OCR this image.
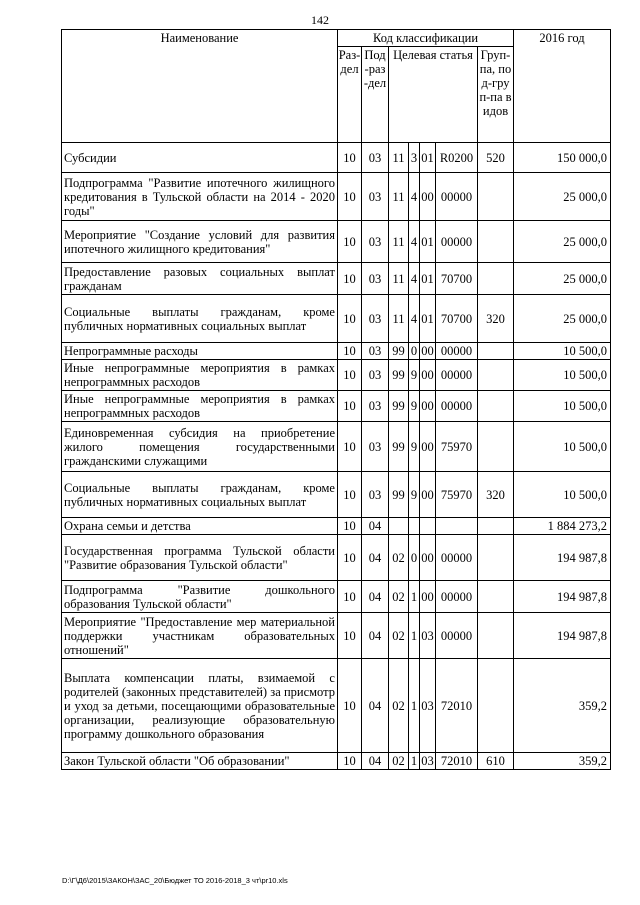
142
Наименование	Код классификации							2016 год
	Раз-дел	Под-раз-дел	Целевая статья				Груп-па, под-груп-па видов	
Субсидии	10	03	11	3	01	R0200	520	150 000,0
Подпрограмма "Развитие ипотечного жилищного кредитования в Тульской области на 2014 - 2020 годы"	10	03	11	4	00	00000		25 000,0
Мероприятие "Создание условий для развития ипотечного жилищного кредитования"	10	03	11	4	01	00000		25 000,0
Предоставление разовых социальных выплат гражданам	10	03	11	4	01	70700		25 000,0
Социальные выплаты гражданам, кроме публичных нормативных социальных выплат	10	03	11	4	01	70700	320	25 000,0
Непрограммные расходы	10	03	99	0	00	00000		10 500,0
Иные непрограммные мероприятия в рамках непрограммных расходов	10	03	99	9	00	00000		10 500,0
Иные непрограммные мероприятия в рамках непрограммных расходов	10	03	99	9	00	00000		10 500,0
Единовременная субсидия на приобретение жилого помещения государственными гражданскими служащими	10	03	99	9	00	75970		10 500,0
Социальные выплаты гражданам, кроме публичных нормативных социальных выплат	10	03	99	9	00	75970	320	10 500,0
Охрана семьи и детства	10	04						1 884 273,2
Государственная программа Тульской области "Развитие образования Тульской области"	10	04	02	0	00	00000		194 987,8
Подпрограмма "Развитие дошкольного образования Тульской области"	10	04	02	1	00	00000		194 987,8
Мероприятие "Предоставление мер материальной поддержки участникам образовательных отношений"	10	04	02	1	03	00000		194 987,8
Выплата компенсации платы, взимаемой с родителей (законных представителей) за присмотр и уход за детьми, посещающими образовательные организации, реализующие образовательную программу дошкольного образования	10	04	02	1	03	72010		359,2
Закон Тульской области "Об образовании"	10	04	02	1	03	72010	610	359,2
D:\Г\Д6\2015\ЗАКОН\ЗАС_20\Бюджет ТО 2016-2018_3 чт\pr10.xls
